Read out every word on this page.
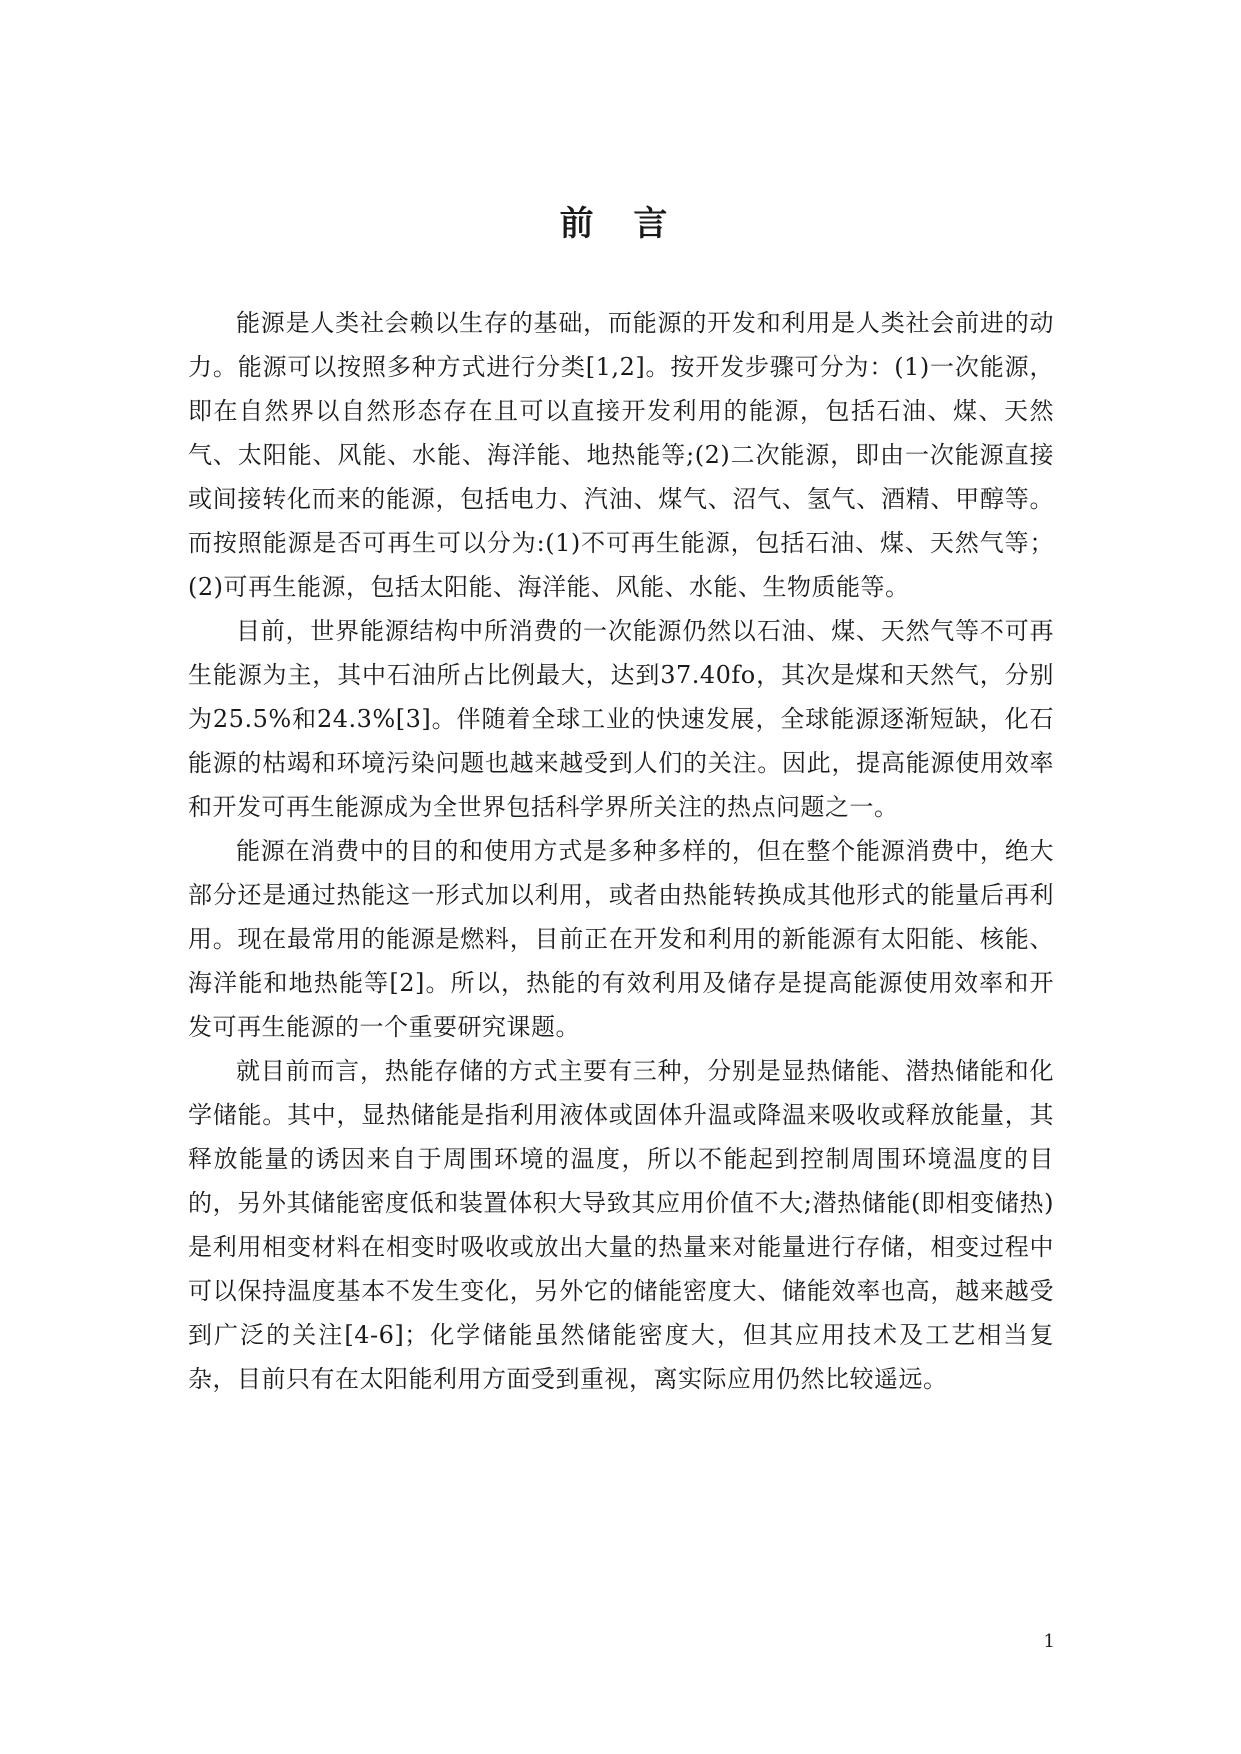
前 言

能源是人类社会赖以生存的基础，而能源的开发和利用是人类社会前进的动力。能源可以按照多种方式进行分类[1,2]。按开发步骤可分为：(1)一次能源，即在自然界以自然形态存在且可以直接开发利用的能源，包括石油、煤、天然气、太阳能、风能、水能、海洋能、地热能等;(2)二次能源，即由一次能源直接或间接转化而来的能源，包括电力、汽油、煤气、沼气、氢气、酒精、甲醇等。而按照能源是否可再生可以分为:(1)不可再生能源，包括石油、煤、天然气等；(2)可再生能源，包括太阳能、海洋能、风能、水能、生物质能等。

目前，世界能源结构中所消费的一次能源仍然以石油、煤、天然气等不可再生能源为主，其中石油所占比例最大，达到37.40fo，其次是煤和天然气，分别为25.5%和24.3%[3]。伴随着全球工业的快速发展，全球能源逐渐短缺，化石能源的枯竭和环境污染问题也越来越受到人们的关注。因此，提高能源使用效率和开发可再生能源成为全世界包括科学界所关注的热点问题之一。

能源在消费中的目的和使用方式是多种多样的，但在整个能源消费中，绝大部分还是通过热能这一形式加以利用，或者由热能转换成其他形式的能量后再利用。现在最常用的能源是燃料，目前正在开发和利用的新能源有太阳能、核能、海洋能和地热能等[2]。所以，热能的有效利用及储存是提高能源使用效率和开发可再生能源的一个重要研究课题。

就目前而言，热能存储的方式主要有三种，分别是显热储能、潜热储能和化学储能。其中，显热储能是指利用液体或固体升温或降温来吸收或释放能量，其释放能量的诱因来自于周围环境的温度，所以不能起到控制周围环境温度的目的，另外其储能密度低和装置体积大导致其应用价值不大;潜热储能(即相变储热)是利用相变材料在相变时吸收或放出大量的热量来对能量进行存储，相变过程中可以保持温度基本不发生变化，另外它的储能密度大、储能效率也高，越来越受到广泛的关注[4-6]；化学储能虽然储能密度大，但其应用技术及工艺相当复杂，目前只有在太阳能利用方面受到重视，离实际应用仍然比较遥远。

1
